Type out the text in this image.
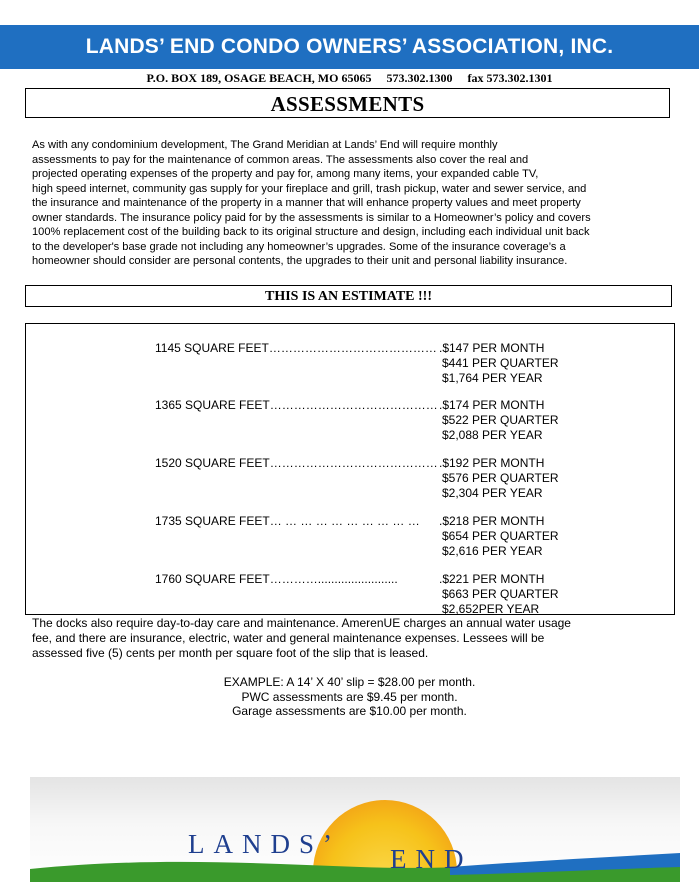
LANDS’ END CONDO OWNERS’ ASSOCIATION, INC.
P.O. BOX 189, OSAGE BEACH, MO 65065 573.302.1300 fax 573.302.1301
ASSESSMENTS
As with any condominium development, The Grand Meridian at Lands’ End will require monthly
assessments to pay for the maintenance of common areas. The assessments also cover the real and
projected operating expenses of the property and pay for, among many items, your expanded cable TV,
high speed internet, community gas supply for your fireplace and grill, trash pickup, water and sewer service, and
the insurance and maintenance of the property in a manner that will enhance property values and meet property
owner standards. The insurance policy paid for by the assessments is similar to a Homeowner’s policy and covers
100% replacement cost of the building back to its original structure and design, including each individual unit back
to the developer's base grade not including any homeowner’s upgrades. Some of the insurance coverage’s a
homeowner should consider are personal contents, the upgrades to their unit and personal liability insurance.
THIS IS AN ESTIMATE !!!
1145 SQUARE FEET…………………………………… .$147 PER MONTH
$441 PER QUARTER
$1,764 PER YEAR
1365 SQUARE FEET…………………………………… .$174 PER MONTH
$522 PER QUARTER
$2,088 PER YEAR
1520 SQUARE FEET…………………………………… .$192 PER MONTH
$576 PER QUARTER
$2,304 PER YEAR
1735 SQUARE FEET… … … … … … … … … … .$218 PER MONTH
$654 PER QUARTER
$2,616 PER YEAR
1760 SQUARE FEET…………........................	.$221 PER MONTH
$663 PER QUARTER
$2,652PER YEAR
The docks also require day-to-day care and maintenance. AmerenUE charges an annual water usage
fee, and there are insurance, electric, water and general maintenance expenses. Lessees will be
assessed five (5) cents per month per square foot of the slip that is leased.
EXAMPLE: A 14’ X 40’ slip = $28.00 per month.
PWC assessments are $9.45 per month.
Garage assessments are $10.00 per month.
LANDS’ END
